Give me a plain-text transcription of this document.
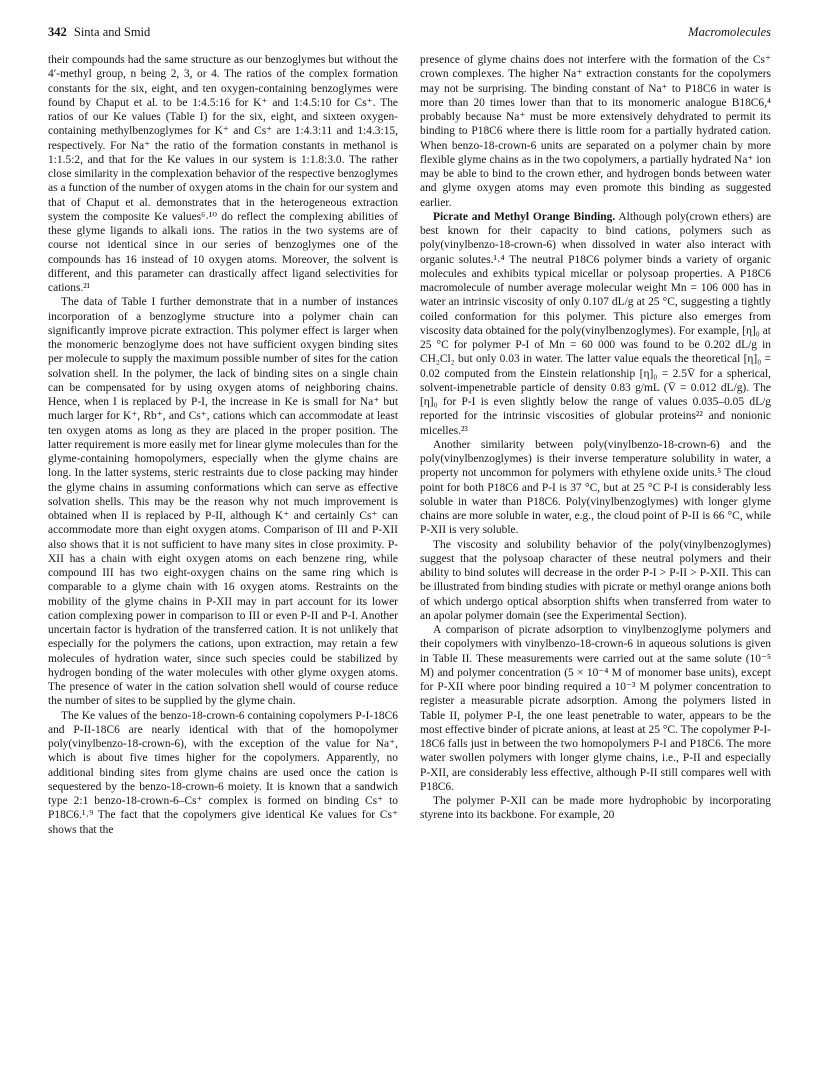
342 Sinta and Smid	Macromolecules

their compounds had the same structure as our benzoglymes but without the 4′-methyl group, n being 2, 3, or 4. The ratios of the complex formation constants for the six, eight, and ten oxygen-containing benzoglymes were found by Chaput et al. to be 1:4.5:16 for K⁺ and 1:4.5:10 for Cs⁺. The ratios of our Ke values (Table I) for the six, eight, and sixteen oxygen-containing methylbenzoglymes for K⁺ and Cs⁺ are 1:4.3:11 and 1:4.3:15, respectively. For Na⁺ the ratio of the formation constants in methanol is 1:1.5:2, and that for the Ke values in our system is 1:1.8:3.0. The rather close similarity in the complexation behavior of the respective benzoglymes as a function of the number of oxygen atoms in the chain for our system and that of Chaput et al. demonstrates that in the heterogeneous extraction system the composite Ke values⁶˒¹⁰ do reflect the complexing abilities of these glyme ligands to alkali ions. The ratios in the two systems are of course not identical since in our series of benzoglymes one of the compounds has 16 instead of 10 oxygen atoms. Moreover, the solvent is different, and this parameter can drastically affect ligand selectivities for cations.²¹

The data of Table I further demonstrate that in a number of instances incorporation of a benzoglyme structure into a polymer chain can significantly improve picrate extraction. This polymer effect is larger when the monomeric benzoglyme does not have sufficient oxygen binding sites per molecule to supply the maximum possible number of sites for the cation solvation shell. In the polymer, the lack of binding sites on a single chain can be compensated for by using oxygen atoms of neighboring chains. Hence, when I is replaced by P-I, the increase in Ke is small for Na⁺ but much larger for K⁺, Rb⁺, and Cs⁺, cations which can accommodate at least ten oxygen atoms as long as they are placed in the proper position. The latter requirement is more easily met for linear glyme molecules than for the glyme-containing homopolymers, especially when the glyme chains are long. In the latter systems, steric restraints due to close packing may hinder the glyme chains in assuming conformations which can serve as effective solvation shells. This may be the reason why not much improvement is obtained when II is replaced by P-II, although K⁺ and certainly Cs⁺ can accommodate more than eight oxygen atoms. Comparison of III and P-XII also shows that it is not sufficient to have many sites in close proximity. P-XII has a chain with eight oxygen atoms on each benzene ring, while compound III has two eight-oxygen chains on the same ring which is comparable to a glyme chain with 16 oxygen atoms. Restraints on the mobility of the glyme chains in P-XII may in part account for its lower cation complexing power in comparison to III or even P-II and P-I. Another uncertain factor is hydration of the transferred cation. It is not unlikely that especially for the polymers the cations, upon extraction, may retain a few molecules of hydration water, since such species could be stabilized by hydrogen bonding of the water molecules with other glyme oxygen atoms. The presence of water in the cation solvation shell would of course reduce the number of sites to be supplied by the glyme chain.

The Ke values of the benzo-18-crown-6 containing copolymers P-I-18C6 and P-II-18C6 are nearly identical with that of the homopolymer poly(vinylbenzo-18-crown-6), with the exception of the value for Na⁺, which is about five times higher for the copolymers. Apparently, no additional binding sites from glyme chains are used once the cation is sequestered by the benzo-18-crown-6 moiety. It is known that a sandwich type 2:1 benzo-18-crown-6–Cs⁺ complex is formed on binding Cs⁺ to P18C6.¹˒⁹ The fact that the copolymers give identical Ke values for Cs⁺ shows that the

presence of glyme chains does not interfere with the formation of the Cs⁺ crown complexes. The higher Na⁺ extraction constants for the copolymers may not be surprising. The binding constant of Na⁺ to P18C6 in water is more than 20 times lower than that to its monomeric analogue B18C6,⁴ probably because Na⁺ must be more extensively dehydrated to permit its binding to P18C6 where there is little room for a partially hydrated cation. When benzo-18-crown-6 units are separated on a polymer chain by more flexible glyme chains as in the two copolymers, a partially hydrated Na⁺ ion may be able to bind to the crown ether, and hydrogen bonds between water and glyme oxygen atoms may even promote this binding as suggested earlier.

Picrate and Methyl Orange Binding. Although poly(crown ethers) are best known for their capacity to bind cations, polymers such as poly(vinylbenzo-18-crown-6) when dissolved in water also interact with organic solutes.¹˒⁴ The neutral P18C6 polymer binds a variety of organic molecules and exhibits typical micellar or polysoap properties. A P18C6 macromolecule of number average molecular weight Mn = 106 000 has in water an intrinsic viscosity of only 0.107 dL/g at 25 °C, suggesting a tightly coiled conformation for this polymer. This picture also emerges from viscosity data obtained for the poly(vinylbenzoglymes). For example, [η]₀ at 25 °C for polymer P-I of Mn = 60 000 was found to be 0.202 dL/g in CH₂Cl₂ but only 0.03 in water. The latter value equals the theoretical [η]₀ = 0.02 computed from the Einstein relationship [η]₀ = 2.5V̄ for a spherical, solvent-impenetrable particle of density 0.83 g/mL (V̄ = 0.012 dL/g). The [η]₀ for P-I is even slightly below the range of values 0.035–0.05 dL/g reported for the intrinsic viscosities of globular proteins²² and nonionic micelles.²³

Another similarity between poly(vinylbenzo-18-crown-6) and the poly(vinylbenzoglymes) is their inverse temperature solubility in water, a property not uncommon for polymers with ethylene oxide units.⁵ The cloud point for both P18C6 and P-I is 37 °C, but at 25 °C P-I is considerably less soluble in water than P18C6. Poly(vinylbenzoglymes) with longer glyme chains are more soluble in water, e.g., the cloud point of P-II is 66 °C, while P-XII is very soluble.

The viscosity and solubility behavior of the poly(vinylbenzoglymes) suggest that the polysoap character of these neutral polymers and their ability to bind solutes will decrease in the order P-I > P-II > P-XII. This can be illustrated from binding studies with picrate or methyl orange anions both of which undergo optical absorption shifts when transferred from water to an apolar polymer domain (see the Experimental Section).

A comparison of picrate adsorption to vinylbenzoglyme polymers and their copolymers with vinylbenzo-18-crown-6 in aqueous solutions is given in Table II. These measurements were carried out at the same solute (10⁻⁵ M) and polymer concentration (5 × 10⁻⁴ M of monomer base units), except for P-XII where poor binding required a 10⁻³ M polymer concentration to register a measurable picrate adsorption. Among the polymers listed in Table II, polymer P-I, the one least penetrable to water, appears to be the most effective binder of picrate anions, at least at 25 °C. The copolymer P-I-18C6 falls just in between the two homopolymers P-I and P18C6. The more water swollen polymers with longer glyme chains, i.e., P-II and especially P-XII, are considerably less effective, although P-II still compares well with P18C6.

The polymer P-XII can be made more hydrophobic by incorporating styrene into its backbone. For example, 20
